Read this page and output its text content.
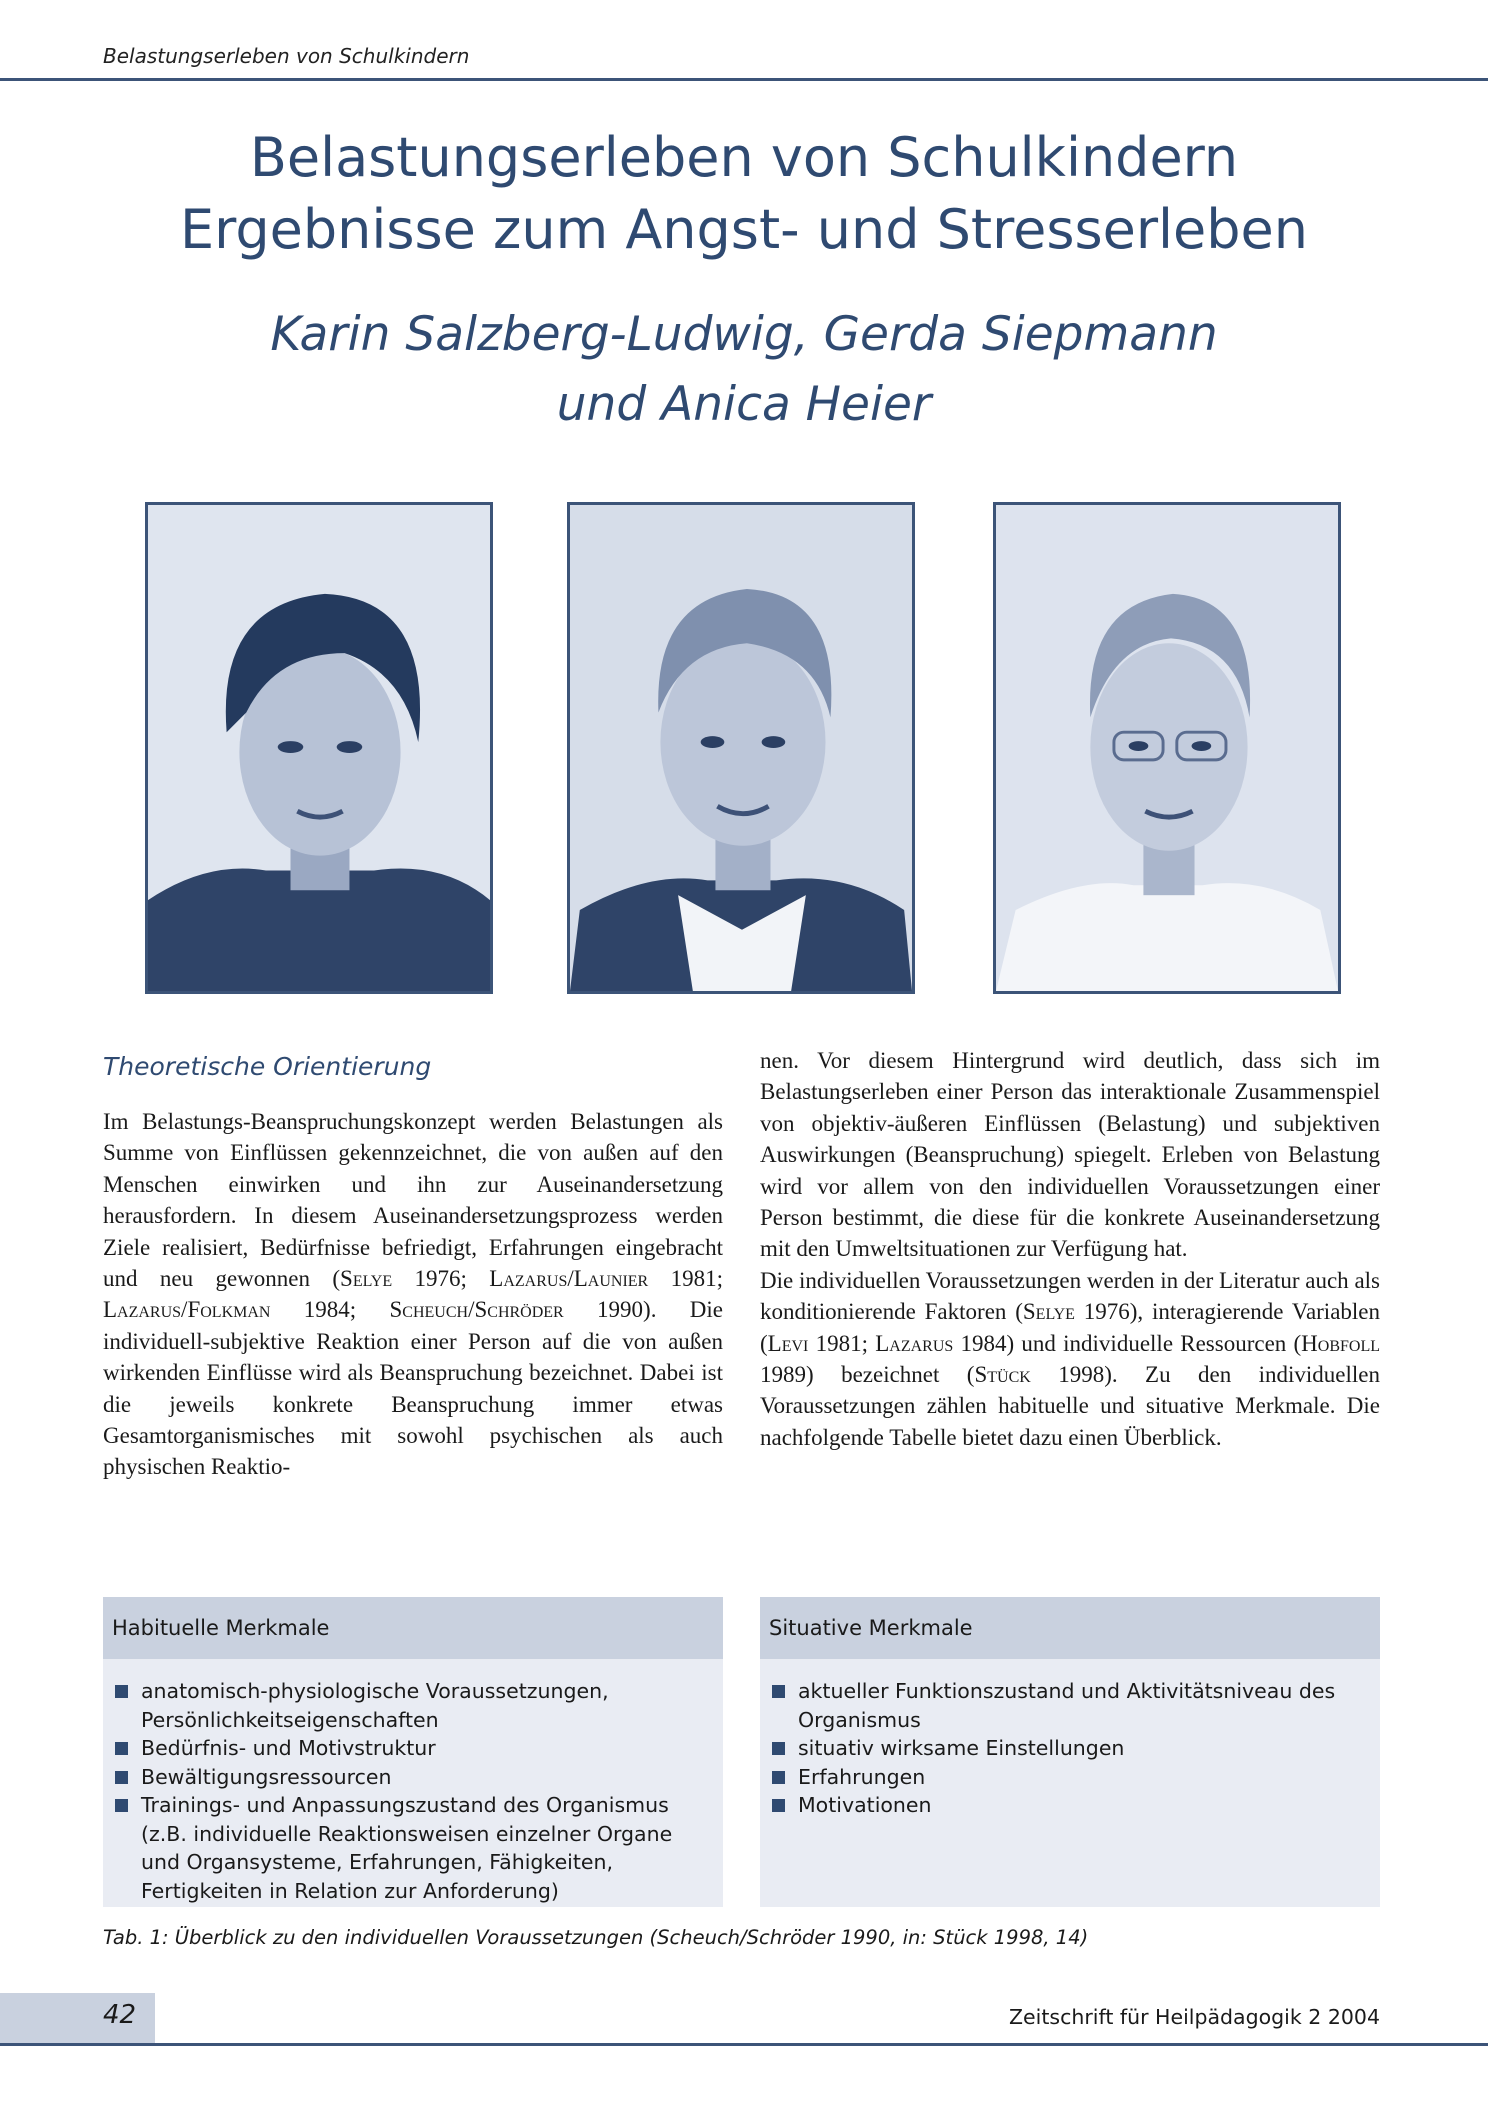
Belastungserleben von Schulkindern
Belastungserleben von Schulkindern
Ergebnisse zum Angst- und Stresserleben
Karin Salzberg-Ludwig, Gerda Siepmann
und Anica Heier
Theoretische Orientierung

Im Belastungs-Beanspruchungskonzept werden Belastungen als Summe von Einflüssen gekennzeichnet, die von außen auf den Menschen einwirken und ihn zur Auseinandersetzung herausfordern. In diesem Auseinandersetzungsprozess werden Ziele realisiert, Bedürfnisse befriedigt, Erfahrungen eingebracht und neu gewonnen (Selye 1976; Lazarus/Launier 1981; Lazarus/Folkman 1984; Scheuch/Schröder 1990). Die individuell-subjektive Reaktion einer Person auf die von außen wirkenden Einflüsse wird als Beanspruchung bezeichnet. Dabei ist die jeweils konkrete Beanspruchung immer etwas Gesamtorganismisches mit sowohl psychischen als auch physischen Reaktio-

nen. Vor diesem Hintergrund wird deutlich, dass sich im Belastungserleben einer Person das interaktionale Zusammenspiel von objektiv-äußeren Einflüssen (Belastung) und subjektiven Auswirkungen (Beanspruchung) spiegelt. Erleben von Belastung wird vor allem von den individuellen Voraussetzungen einer Person bestimmt, die diese für die konkrete Auseinandersetzung mit den Umweltsituationen zur Verfügung hat.

Die individuellen Voraussetzungen werden in der Literatur auch als konditionierende Faktoren (Selye 1976), interagierende Variablen (Levi 1981; Lazarus 1984) und individuelle Ressourcen (Hobfoll 1989) bezeichnet (Stück 1998). Zu den individuellen Voraussetzungen zählen habituelle und situative Merkmale. Die nachfolgende Tabelle bietet dazu einen Überblick.

Habituelle Merkmale
anatomisch-physiologische Voraussetzungen, Persönlichkeitseigenschaften
Bedürfnis- und Motivstruktur
Bewältigungsressourcen
Trainings- und Anpassungszustand des Organismus (z.B. individuelle Reaktionsweisen einzelner Organe und Organsysteme, Erfahrungen, Fähigkeiten, Fertigkeiten in Relation zur Anforderung)
Situative Merkmale
aktueller Funktionszustand und Aktivitätsniveau des Organismus
situativ wirksame Einstellungen
Erfahrungen
Motivationen
Tab. 1: Überblick zu den individuellen Voraussetzungen (Scheuch/Schröder 1990, in: Stück 1998, 14)
42	Zeitschrift für Heilpädagogik 2 2004
